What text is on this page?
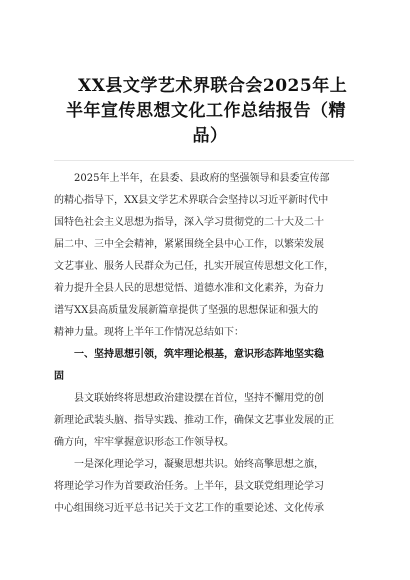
XX县文学艺术界联合会2025年上
半年宣传思想文化工作总结报告（精
品）
2025年上半年，在县委、县政府的坚强领导和县委宣传部
的精心指导下，XX县文学艺术界联合会坚持以习近平新时代中
国特色社会主义思想为指导，深入学习贯彻党的二十大及二十
届二中、三中全会精神，紧紧围绕全县中心工作，以繁荣发展
文艺事业、服务人民群众为己任，扎实开展宣传思想文化工作，
着力提升全县人民的思想觉悟、道德水准和文化素养，为奋力
谱写XX县高质量发展新篇章提供了坚强的思想保证和强大的
精神力量。现将上半年工作情况总结如下：
一、坚持思想引领，筑牢理论根基，意识形态阵地坚实稳
固
县文联始终将思想政治建设摆在首位，坚持不懈用党的创
新理论武装头脑、指导实践、推动工作，确保文艺事业发展的正
确方向，牢牢掌握意识形态工作领导权。
一是深化理论学习，凝聚思想共识。始终高擎思想之旗，
将理论学习作为首要政治任务。上半年，县文联党组理论学习
中心组围绕习近平总书记关于文艺工作的重要论述、文化传承
